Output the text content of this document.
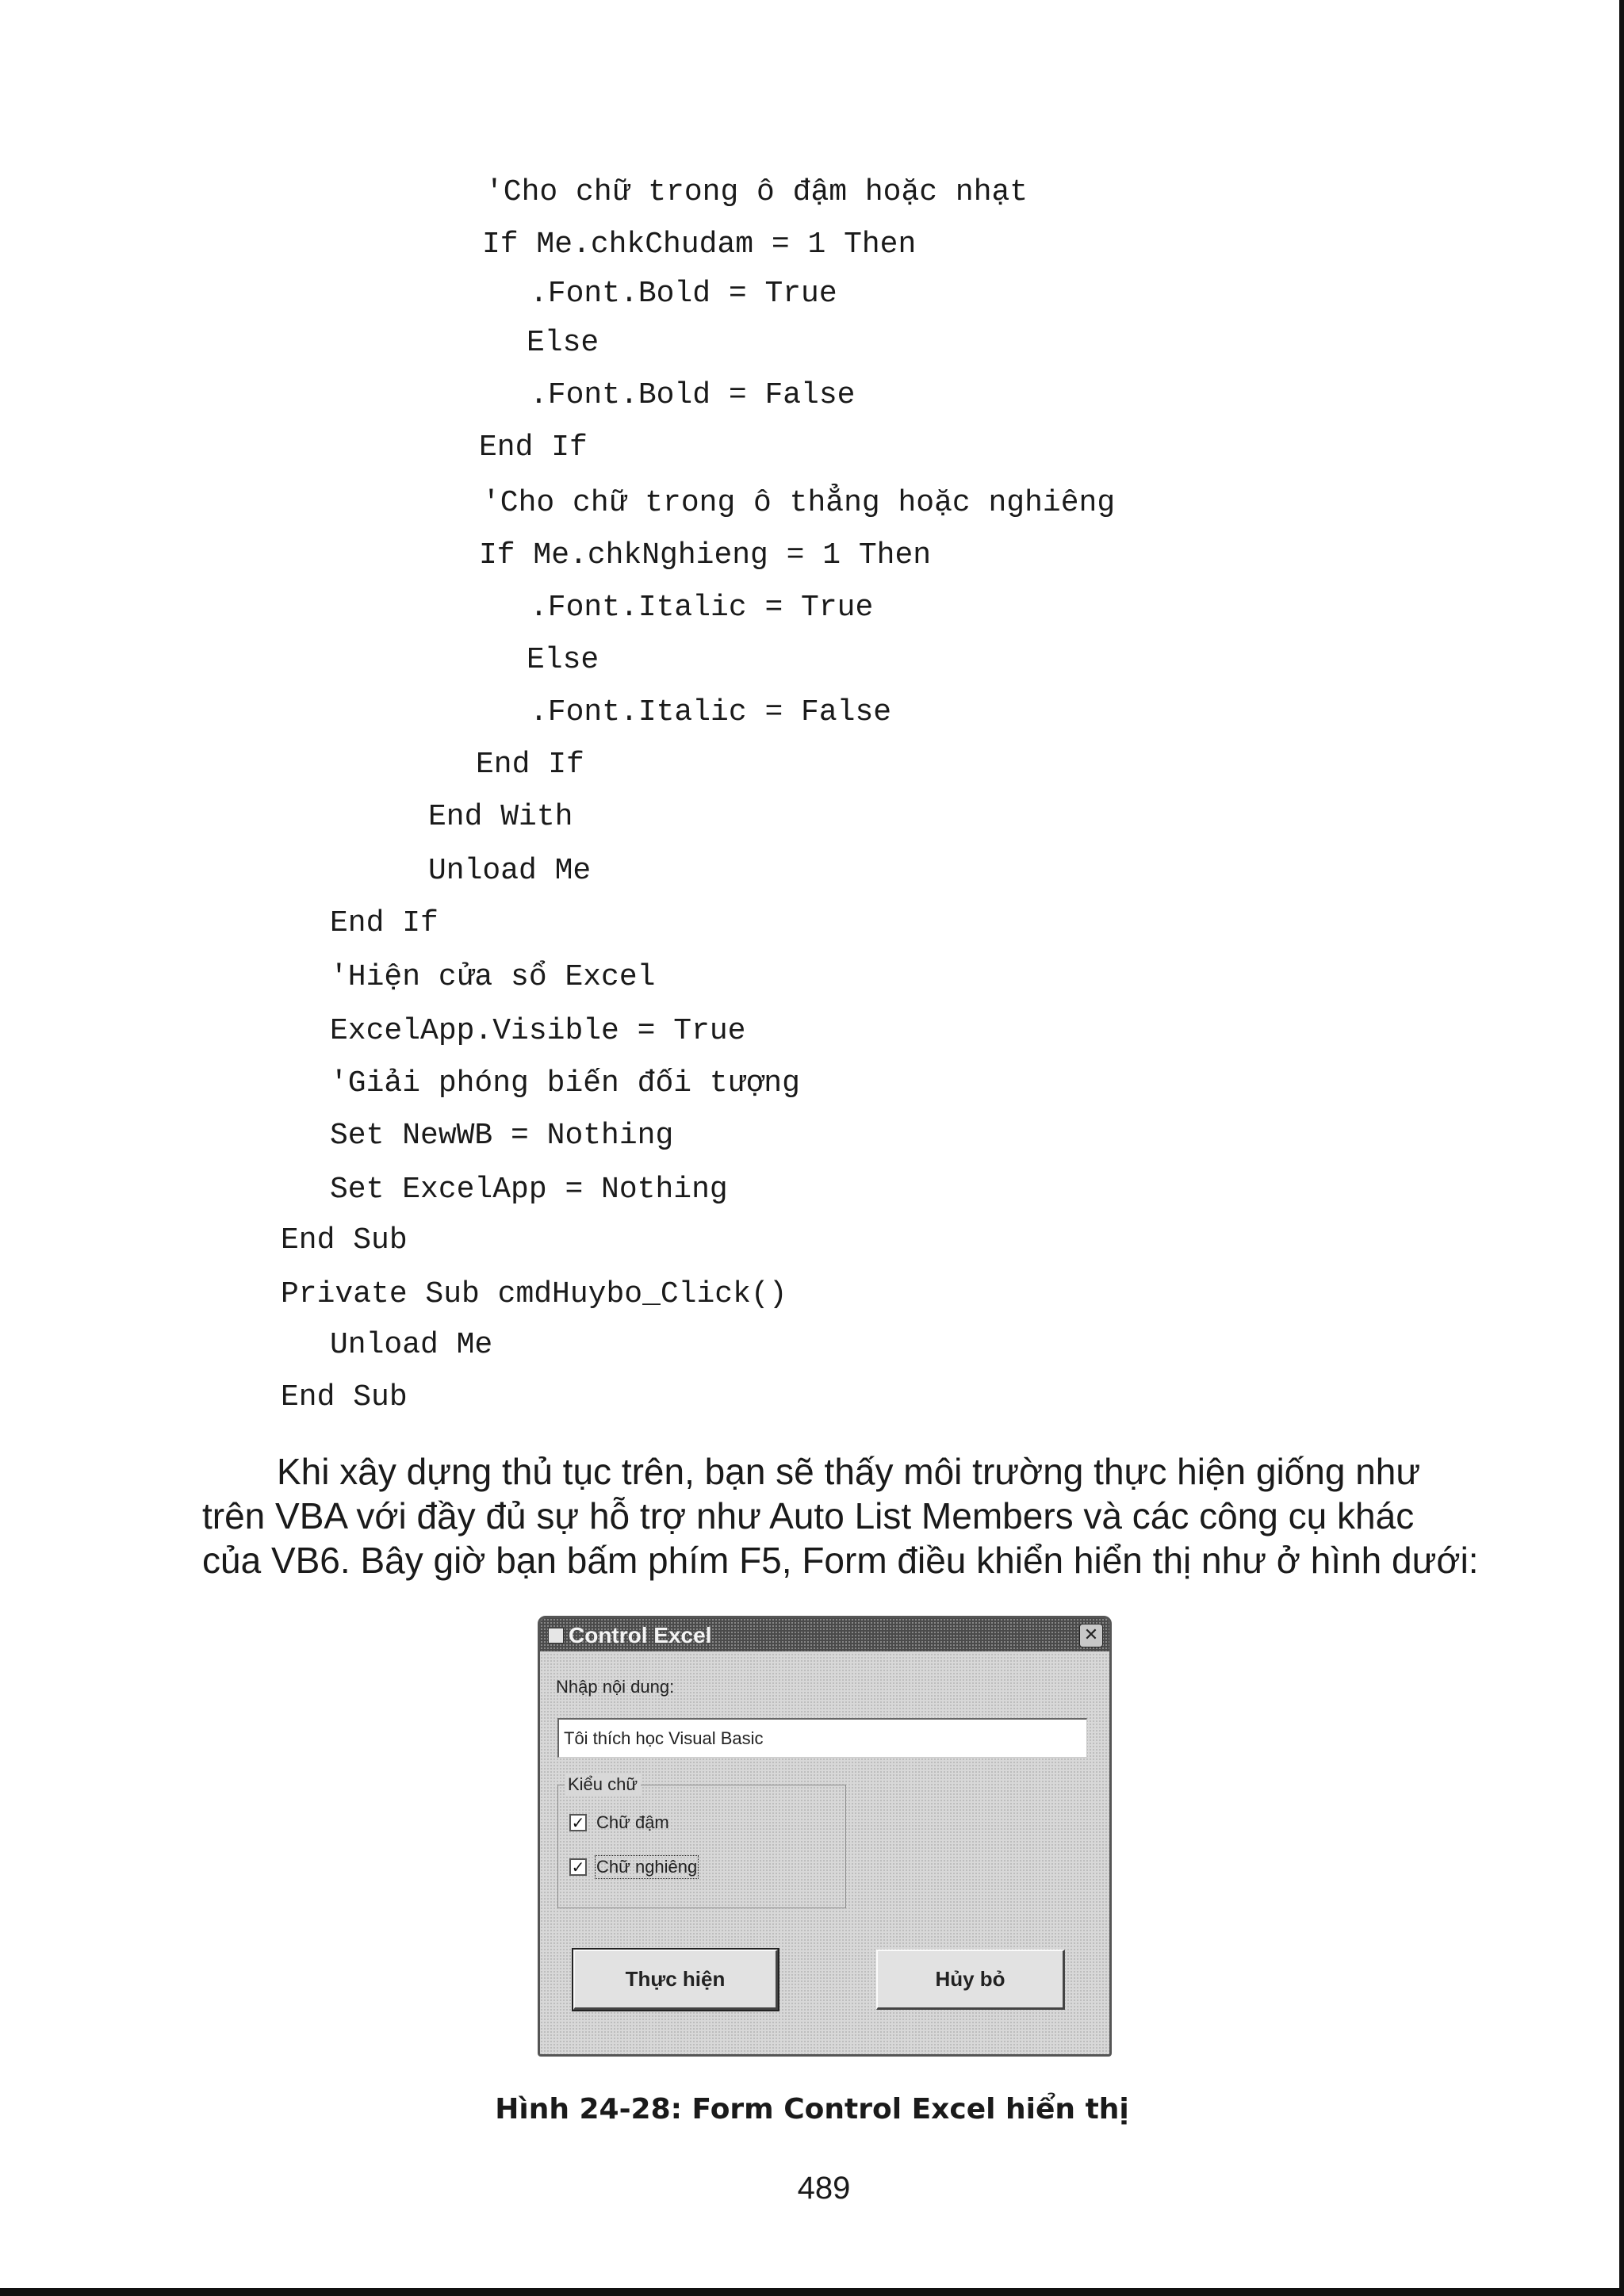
'Cho chữ trong ô đậm hoặc nhạt
If Me.chkChudam = 1 Then
.Font.Bold = True
Else
.Font.Bold = False
End If
'Cho chữ trong ô thẳng hoặc nghiêng
If Me.chkNghieng = 1 Then
.Font.Italic = True
Else
.Font.Italic = False
End If
End With
Unload Me
End If
'Hiện cửa sổ Excel
ExcelApp.Visible = True
'Giải phóng biến đối tượng
Set NewWB = Nothing
Set ExcelApp = Nothing
End Sub
Private Sub cmdHuybo_Click()
Unload Me
End Sub
Khi xây dựng thủ tục trên, bạn sẽ thấy môi trường thực hiện giống như
trên VBA với đầy đủ sự hỗ trợ như Auto List Members và các công cụ khác
của VB6. Bây giờ bạn bấm phím F5, Form điều khiển hiển thị như ở hình dưới:
Control Excel	✕
Nhập nội dung:
Tôi thích học Visual Basic
Kiểu chữ
✓ Chữ đậm
✓ Chữ nghiêng
Thực hiện	Hủy bỏ
Hình 24-28: Form Control Excel hiển thị
489
